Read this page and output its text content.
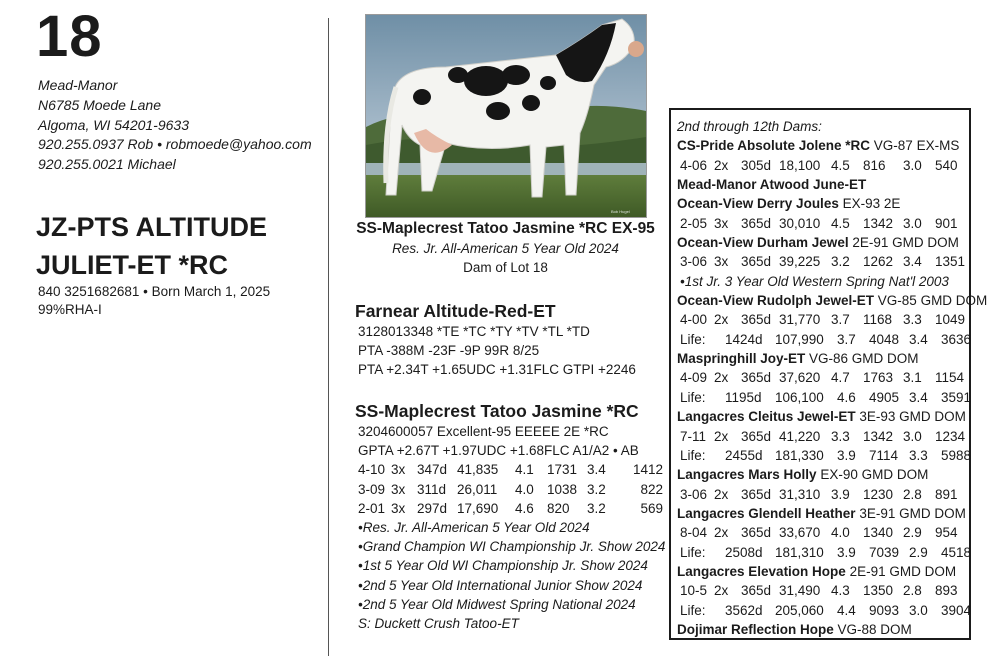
18
Mead-Manor
N6785 Moede Lane
Algoma, WI 54201-9633
920.255.0937 Rob • robmoede@yahoo.com
920.255.0021 Michael
JZ-PTS ALTITUDE
JULIET-ET *RC
840 3251682681 • Born March 1, 2025
99%RHA-I
Bob Hugel
SS-Maplecrest Tatoo Jasmine *RC EX-95
Res. Jr. All-American 5 Year Old 2024
Dam of Lot 18
Farnear Altitude-Red-ET
3128013348 *TE *TC *TY *TV *TL *TD
PTA -388M -23F -9P 99R 8/25
PTA +2.34T +1.65UDC +1.31FLC GTPI +2246
SS-Maplecrest Tatoo Jasmine *RC
3204600057 Excellent-95 EEEEE 2E *RC
GPTA +2.67T +1.97UDC +1.68FLC A1/A2 • AB
4-10 3x 347d 41,835 4.1 1731 3.4 1412
3-09 3x 311d 26,011 4.0 1038 3.2	822
2-01 3x 297d 17,690 4.6 820 3.2	569
•Res. Jr. All-American 5 Year Old 2024
•Grand Champion WI Championship Jr. Show 2024
•1st 5 Year Old WI Championship Jr. Show 2024
•2nd 5 Year Old International Junior Show 2024
•2nd 5 Year Old Midwest Spring National 2024
S: Duckett Crush Tatoo-ET
2nd through 12th Dams:
CS-Pride Absolute Jolene *RC VG-87 EX-MS
4-06 2x 305d 18,100 4.5 816 3.0 540
Mead-Manor Atwood June-ET
Ocean-View Derry Joules EX-93 2E
2-05 3x 365d 30,010 4.5 1342 3.0 901
Ocean-View Durham Jewel 2E-91 GMD DOM
3-06 3x 365d 39,225 3.2 1262 3.4 1351
•1st Jr. 3 Year Old Western Spring Nat'l 2003
Ocean-View Rudolph Jewel-ET VG-85 GMD DOM
4-00 2x 365d 31,770 3.7 1168 3.3 1049
Life: 1424d 107,990 3.7 4048 3.4 3636
Maspringhill Joy-ET VG-86 GMD DOM
4-09 2x 365d 37,620 4.7 1763 3.1 1154
Life: 1195d 106,100 4.6 4905 3.4 3591
Langacres Cleitus Jewel-ET 3E-93 GMD DOM
7-11 2x 365d 41,220 3.3 1342 3.0 1234
Life: 2455d 181,330 3.9 7114 3.3 5988
Langacres Mars Holly EX-90 GMD DOM
3-06 2x 365d 31,310 3.9 1230 2.8 891
Langacres Glendell Heather 3E-91 GMD DOM
8-04 2x 365d 33,670 4.0 1340 2.9 954
Life: 2508d 181,310 3.9 7039 2.9 4518
Langacres Elevation Hope 2E-91 GMD DOM
10-5 2x 365d 31,490 4.3 1350 2.8 893
Life: 3562d 205,060 4.4 9093 3.0 3904
Dojimar Reflection Hope VG-88 DOM
